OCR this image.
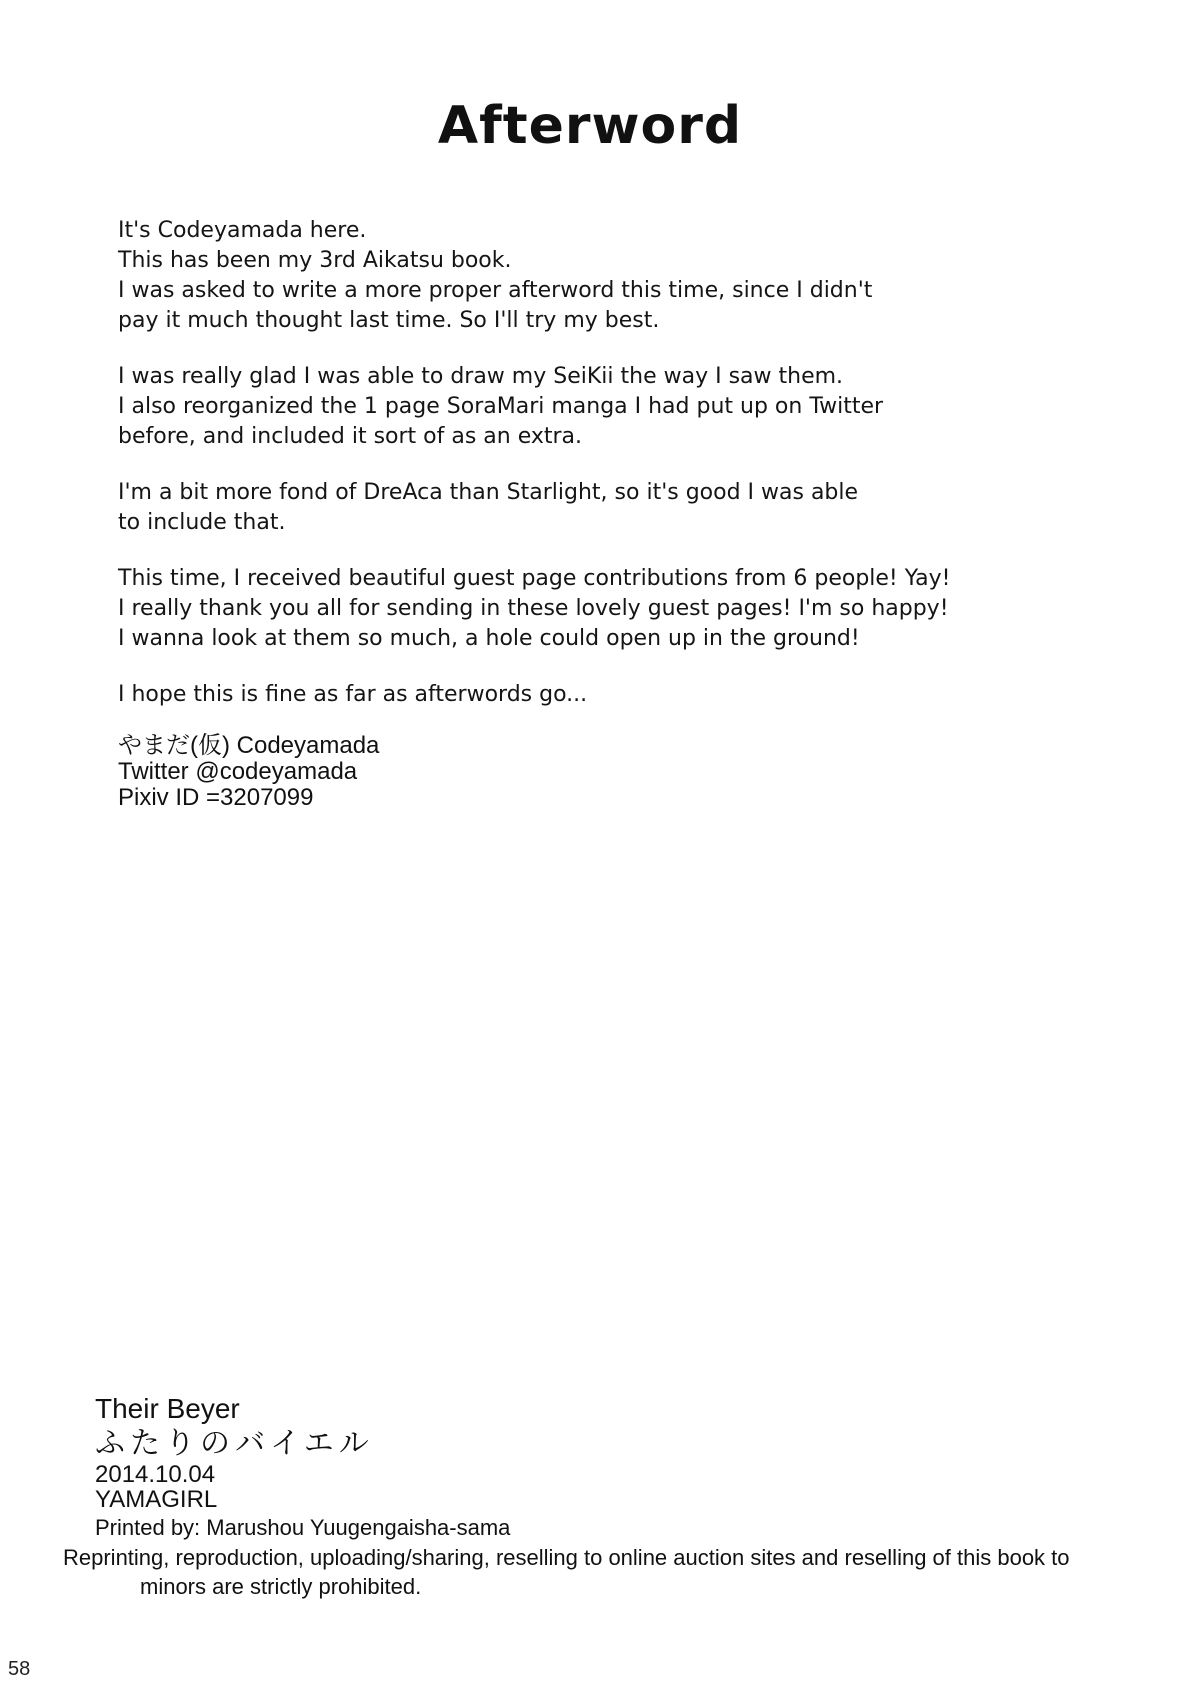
Afterword

It's Codeyamada here.
This has been my 3rd Aikatsu book.
I was asked to write a more proper afterword this time, since I didn't
pay it much thought last time. So I'll try my best.

I was really glad I was able to draw my SeiKii the way I saw them.
I also reorganized the 1 page SoraMari manga I had put up on Twitter
before, and included it sort of as an extra.

I'm a bit more fond of DreAca than Starlight, so it's good I was able
to include that.

This time, I received beautiful guest page contributions from 6 people! Yay!
I really thank you all for sending in these lovely guest pages! I'm so happy!
I wanna look at them so much, a hole could open up in the ground!

I hope this is fine as far as afterwords go...

やまだ(仮) Codeyamada
Twitter @codeyamada
Pixiv ID =3207099

Their Beyer

ふたりのバイエル

2014.10.04

YAMAGIRL

Printed by: Marushou Yuugengaisha-sama

Reprinting, reproduction, uploading/sharing, reselling to online auction sites and reselling of this book to
minors are strictly prohibited.
58
